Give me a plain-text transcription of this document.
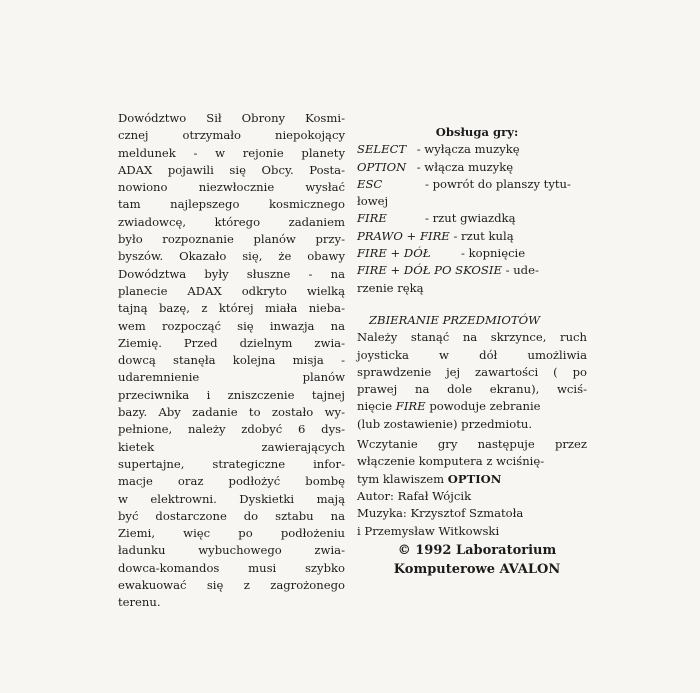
Dowództwo Sił Obrony Kosmi-
cznej otrzymało niepokojący
meldunek - w rejonie planety
ADAX pojawili się Obcy. Posta-
nowiono niezwłocznie wysłać
tam najlepszego kosmicznego
zwiadowcę, którego zadaniem
było rozpoznanie planów przy-
byszów. Okazało się, że obawy
Dowództwa były słuszne - na
planecie ADAX odkryto wielką
tajną bazę, z której miała nieba-
wem rozpocząć się inwazja na
Ziemię. Przed dzielnym zwia-
dowcą stanęła kolejna misja -
udaremnienie planów
przeciwnika i zniszczenie tajnej
bazy. Aby zadanie to zostało wy-
pełnione, należy zdobyć 6 dys-
kietek zawierających
supertajne, strategiczne infor-
macje oraz podłożyć bombę
w elektrowni. Dyskietki mają
być dostarczone do sztabu na
Ziemi, więc po podłożeniu
ładunku wybuchowego zwia-
dowca-komandos musi szybko
ewakuować się z zagrożonego
terenu.
Obsługa gry:
SELECT - wyłącza muzykę
OPTION - włącza muzykę
ESC	- powrót do planszy tytu-
łowej
FIRE	- rzut gwiazdką
PRAWO + FIRE - rzut kulą
FIRE + DÓŁ	- kopnięcie
FIRE + DÓŁ PO SKOSIE - ude-
rzenie ręką
ZBIERANIE PRZEDMIOTÓW
Należy stanąć na skrzynce, ruch
joysticka w dół umożliwia
sprawdzenie jej zawartości ( po
prawej na dole ekranu), wciś-
nięcie FIRE powoduje zebranie
(lub zostawienie) przedmiotu.
Wczytanie gry następuje przez
włączenie komputera z wciśnię-
tym klawiszem OPTION
Autor: Rafał Wójcik
Muzyka: Krzysztof Szmatoła
i Przemysław Witkowski
© 1992 Laboratorium
Komputerowe AVALON
